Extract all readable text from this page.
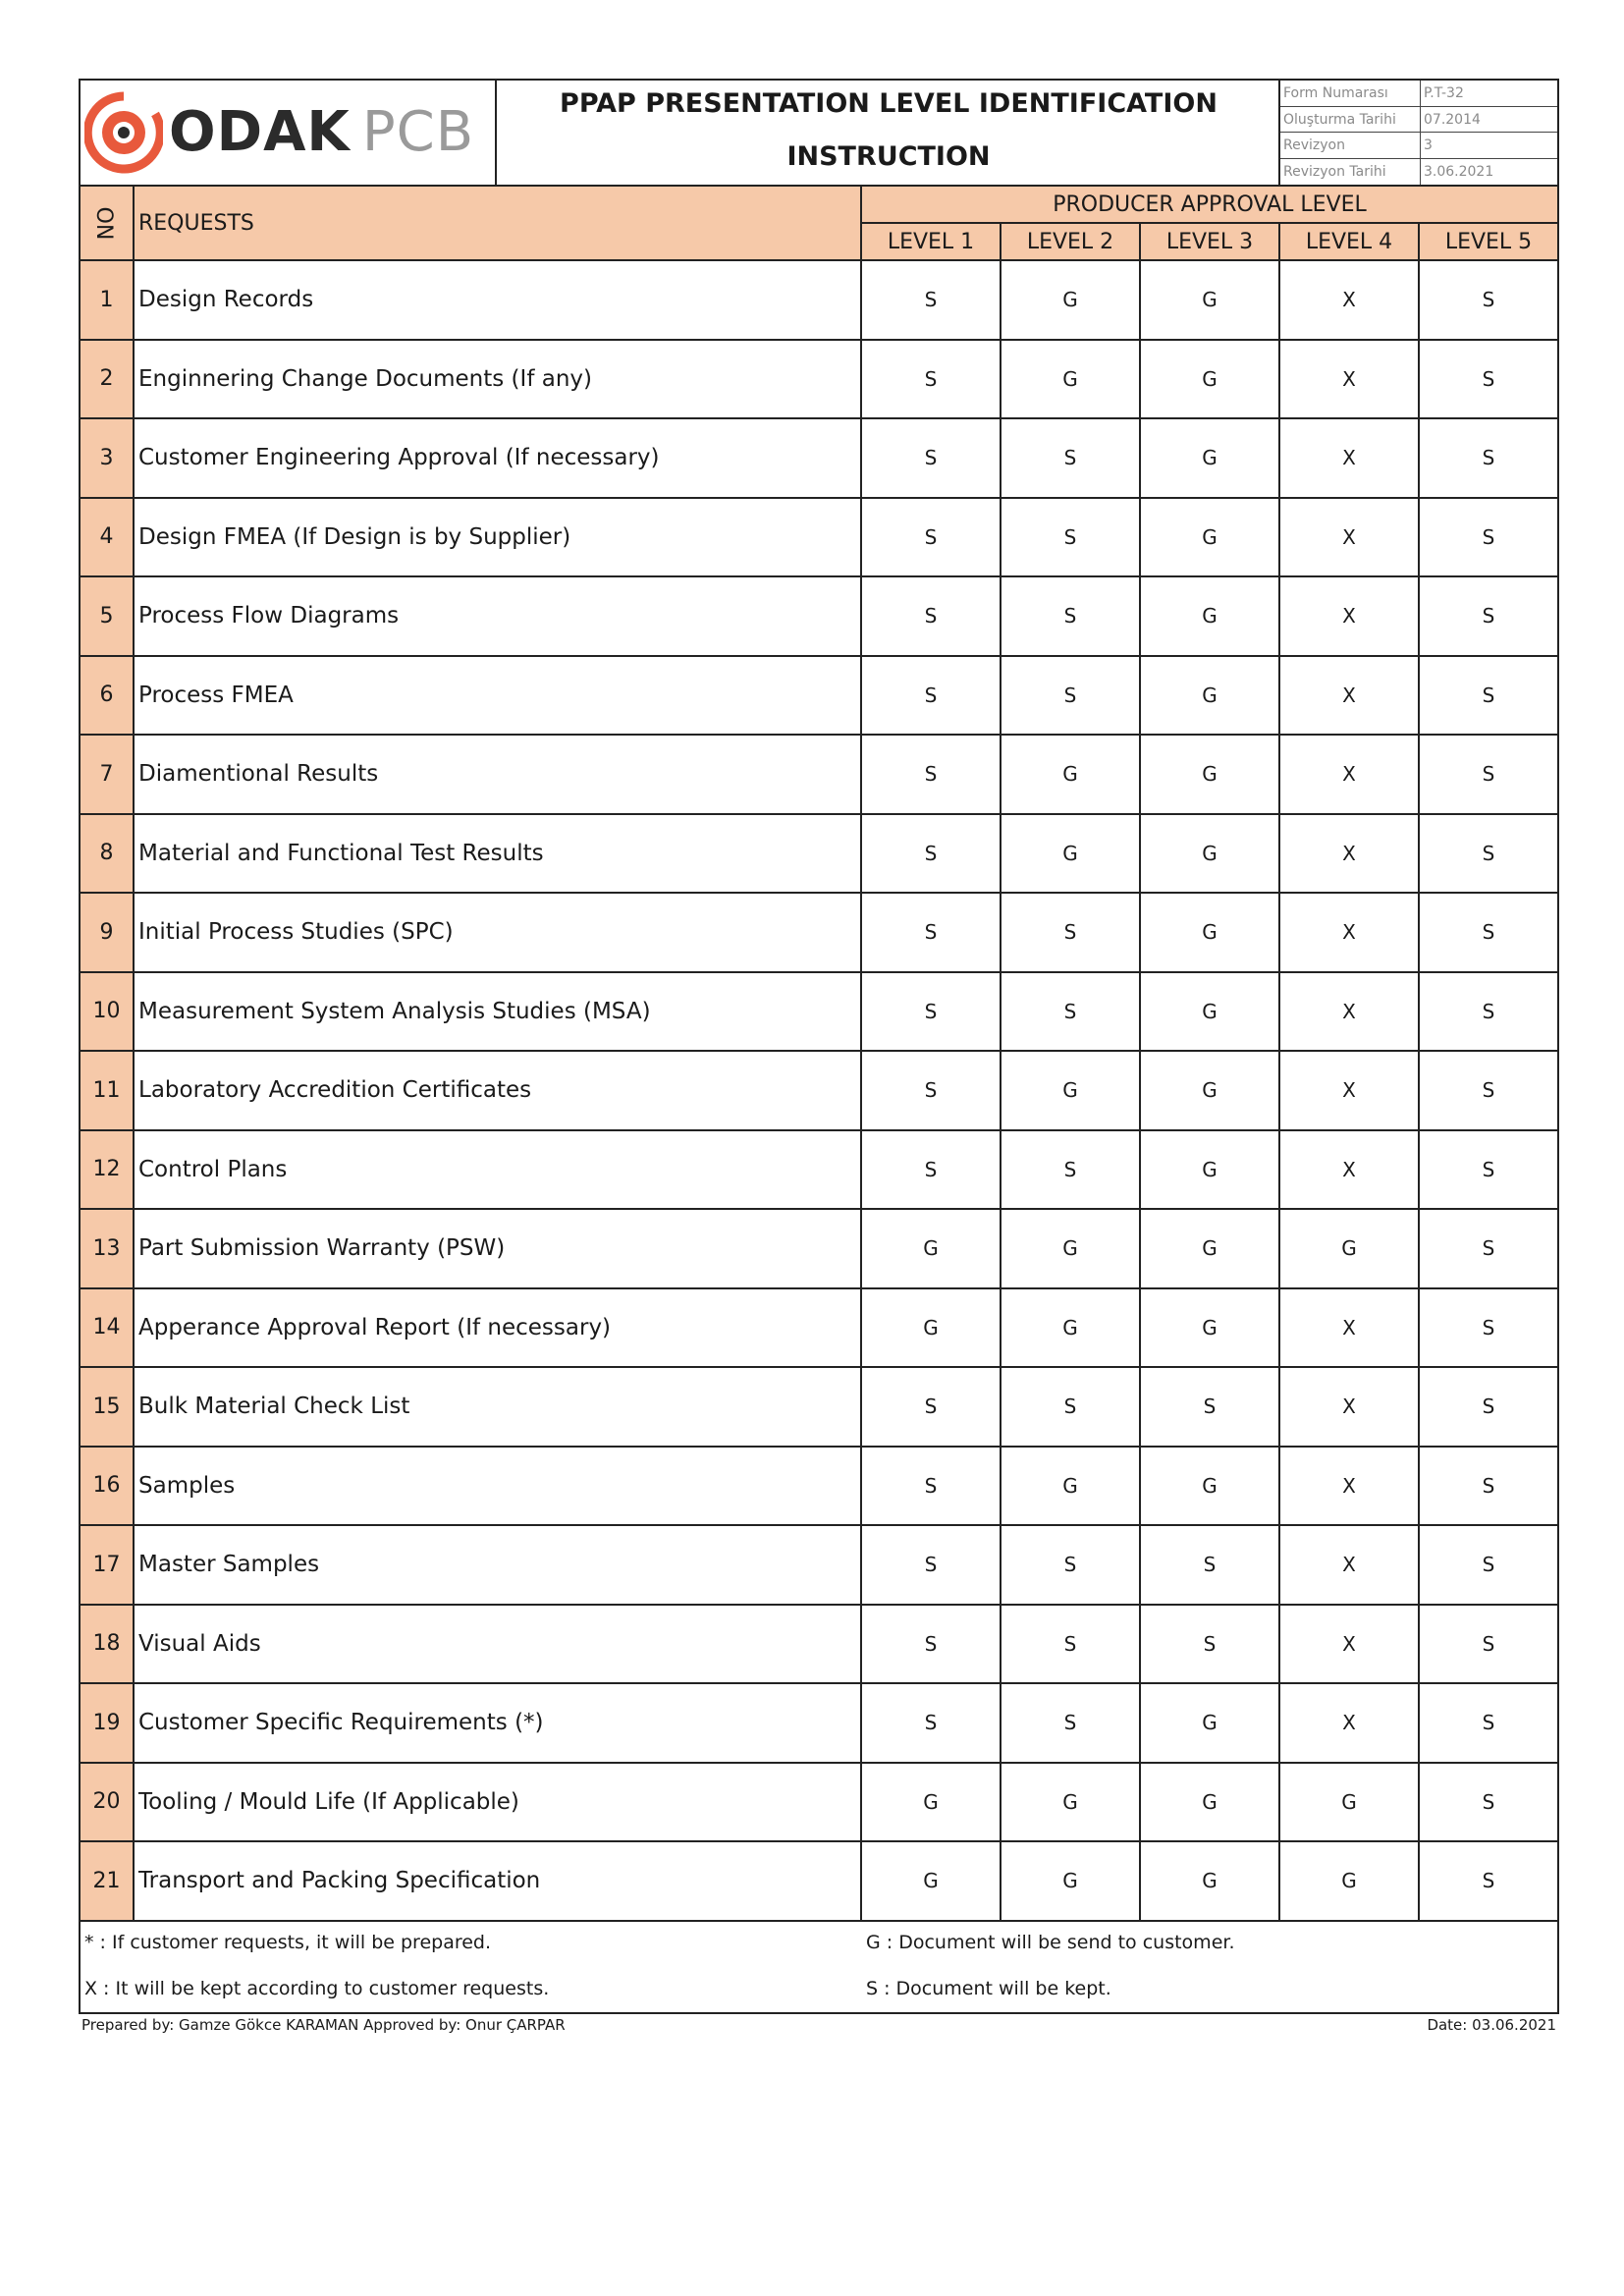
ODAK PCB	PPAP PRESENTATION LEVEL IDENTIFICATION
INSTRUCTION
Form Numarası	P.T-32
Oluşturma Tarihi	07.2014
Revizyon	3
Revizyon Tarihi	3.06.2021
NO	REQUESTS	PRODUCER APPROVAL LEVEL				
		LEVEL 1	LEVEL 2	LEVEL 3	LEVEL 4	LEVEL 5
1	Design Records	S	G	G	X	S
2	Enginnering Change Documents (If any)	S	G	G	X	S
3	Customer Engineering Approval (If necessary)	S	S	G	X	S
4	Design FMEA (If Design is by Supplier)	S	S	G	X	S
5	Process Flow Diagrams	S	S	G	X	S
6	Process FMEA	S	S	G	X	S
7	Diamentional Results	S	G	G	X	S
8	Material and Functional Test Results	S	G	G	X	S
9	Initial Process Studies (SPC)	S	S	G	X	S
10	Measurement System Analysis Studies (MSA)	S	S	G	X	S
11	Laboratory Accredition Certificates	S	G	G	X	S
12	Control Plans	S	S	G	X	S
13	Part Submission Warranty (PSW)	G	G	G	G	S
14	Apperance Approval Report (If necessary)	G	G	G	X	S
15	Bulk Material Check List	S	S	S	X	S
16	Samples	S	G	G	X	S
17	Master Samples	S	S	S	X	S
18	Visual Aids	S	S	S	X	S
19	Customer Specific Requirements (*)	S	S	G	X	S
20	Tooling / Mould Life (If Applicable)	G	G	G	G	S
21	Transport and Packing Specification	G	G	G	G	S
* : If customer requests, it will be prepared.
X : It will be kept according to customer requests.
G : Document will be send to customer.
S : Document will be kept.
Prepared by: Gamze Gökce KARAMAN Approved by: Onur ÇARPAR	Date: 03.06.2021
